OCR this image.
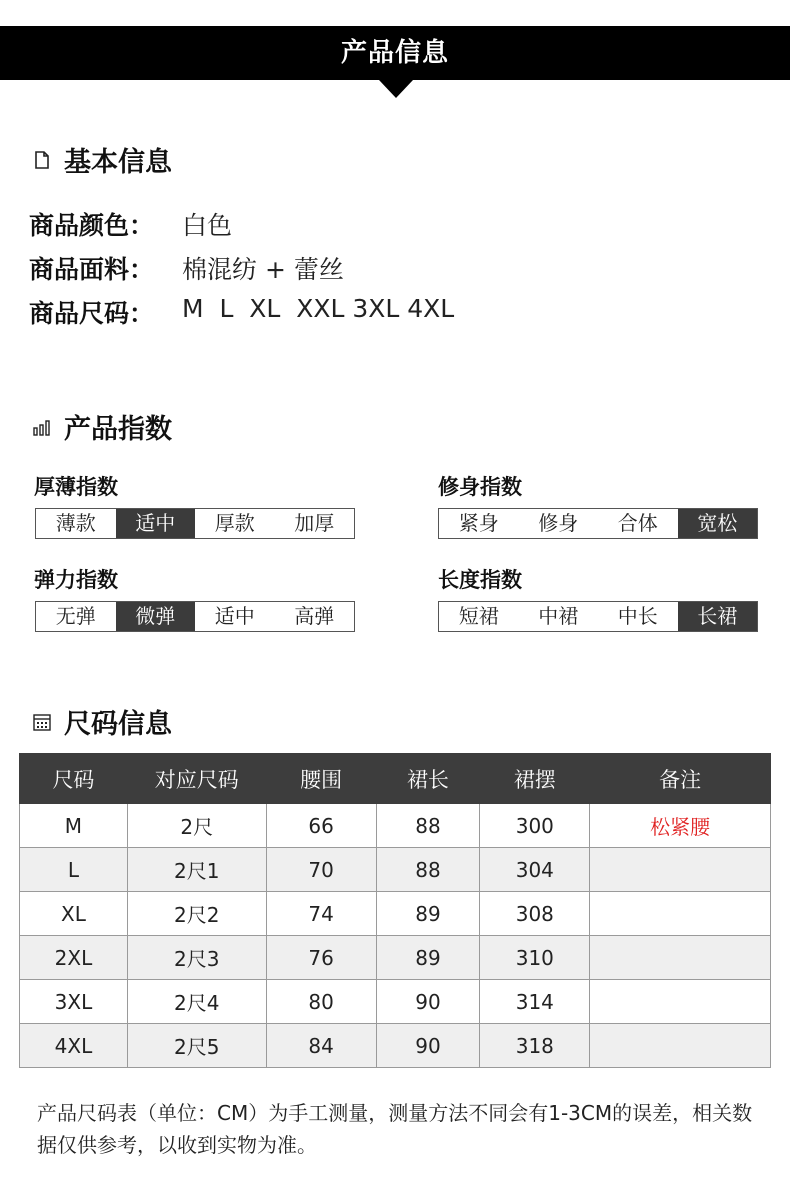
产品信息
基本信息
商品颜色：	白色
商品面料：	棉混纺 + 蕾丝
商品尺码：	M  L  XL  XXL 3XL 4XL
产品指数
厚薄指数
薄款	适中	厚款	加厚
修身指数
紧身	修身	合体	宽松
弹力指数
无弹	微弹	适中	高弹
长度指数
短裙	中裙	中长	长裙
尺码信息
尺码	对应尺码	腰围	裙长	裙摆	备注
M	2尺	66	88	300	松紧腰
L	2尺1	70	88	304	
XL	2尺2	74	89	308	
2XL	2尺3	76	89	310	
3XL	2尺4	80	90	314	
4XL	2尺5	84	90	318	
产品尺码表（单位：CM）为手工测量，测量方法不同会有1-3CM的误差，相关数据仅供参考，以收到实物为准。
